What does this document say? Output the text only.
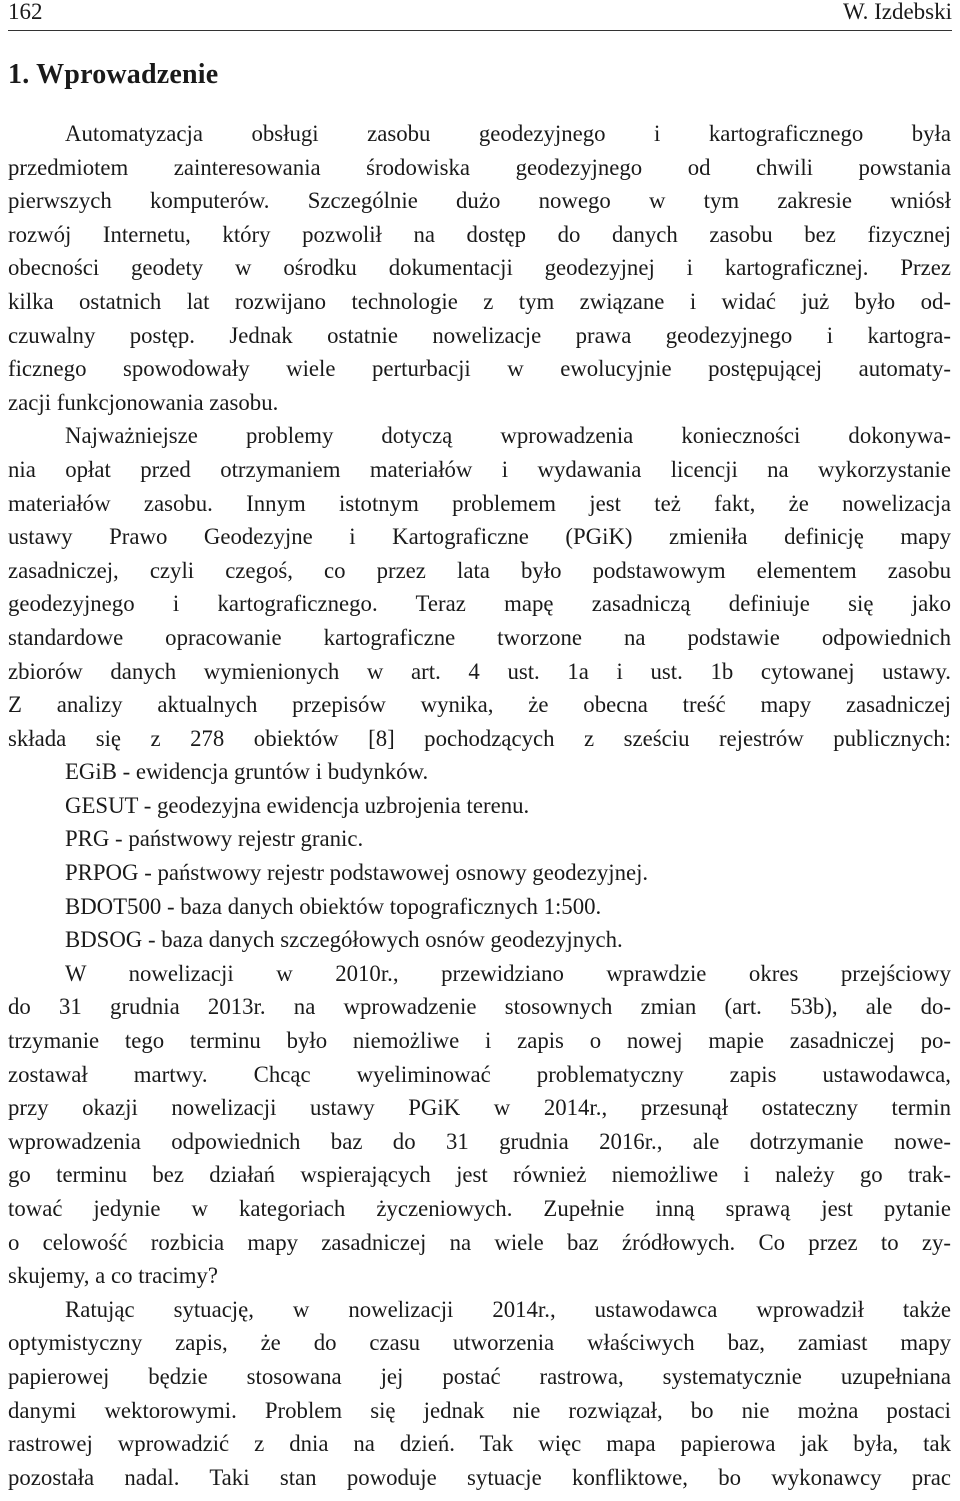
162	W. Izdebski
1. Wprowadzenie
Automatyzacja obsługi zasobu geodezyjnego i kartograficznego była
przedmiotem zainteresowania środowiska geodezyjnego od chwili powstania
pierwszych komputerów. Szczególnie dużo nowego w tym zakresie wniósł
rozwój Internetu, który pozwolił na dostęp do danych zasobu bez fizycznej
obecności geodety w ośrodku dokumentacji geodezyjnej i kartograficznej. Przez
kilka ostatnich lat rozwijano technologie z tym związane i widać już było od-
czuwalny postęp. Jednak ostatnie nowelizacje prawa geodezyjnego i kartogra-
ficznego spowodowały wiele perturbacji w ewolucyjnie postępującej automaty-
zacji funkcjonowania zasobu.
Najważniejsze problemy dotyczą wprowadzenia konieczności dokonywa-
nia opłat przed otrzymaniem materiałów i wydawania licencji na wykorzystanie
materiałów zasobu. Innym istotnym problemem jest też fakt, że nowelizacja
ustawy Prawo Geodezyjne i Kartograficzne (PGiK) zmieniła definicję mapy
zasadniczej, czyli czegoś, co przez lata było podstawowym elementem zasobu
geodezyjnego i kartograficznego. Teraz mapę zasadniczą definiuje się jako
standardowe opracowanie kartograficzne tworzone na podstawie odpowiednich
zbiorów danych wymienionych w art. 4 ust. 1a i ust. 1b cytowanej ustawy.
Z analizy aktualnych przepisów wynika, że obecna treść mapy zasadniczej
składa się z 278 obiektów [8] pochodzących z sześciu rejestrów publicznych:
EGiB - ewidencja gruntów i budynków.
GESUT - geodezyjna ewidencja uzbrojenia terenu.
PRG - państwowy rejestr granic.
PRPOG - państwowy rejestr podstawowej osnowy geodezyjnej.
BDOT500 - baza danych obiektów topograficznych 1:500.
BDSOG - baza danych szczegółowych osnów geodezyjnych.
W nowelizacji w 2010r., przewidziano wprawdzie okres przejściowy
do 31 grudnia 2013r. na wprowadzenie stosownych zmian (art. 53b), ale do-
trzymanie tego terminu było niemożliwe i zapis o nowej mapie zasadniczej po-
zostawał martwy. Chcąc wyeliminować problematyczny zapis ustawodawca,
przy okazji nowelizacji ustawy PGiK w 2014r., przesunął ostateczny termin
wprowadzenia odpowiednich baz do 31 grudnia 2016r., ale dotrzymanie nowe-
go terminu bez działań wspierających jest również niemożliwe i należy go trak-
tować jedynie w kategoriach życzeniowych. Zupełnie inną sprawą jest pytanie
o celowość rozbicia mapy zasadniczej na wiele baz źródłowych. Co przez to zy-
skujemy, a co tracimy?
Ratując sytuację, w nowelizacji 2014r., ustawodawca wprowadził także
optymistyczny zapis, że do czasu utworzenia właściwych baz, zamiast mapy
papierowej będzie stosowana jej postać rastrowa, systematycznie uzupełniana
danymi wektorowymi. Problem się jednak nie rozwiązał, bo nie można postaci
rastrowej wprowadzić z dnia na dzień. Tak więc mapa papierowa jak była, tak
pozostała nadal. Taki stan powoduje sytuacje konfliktowe, bo wykonawcy prac
